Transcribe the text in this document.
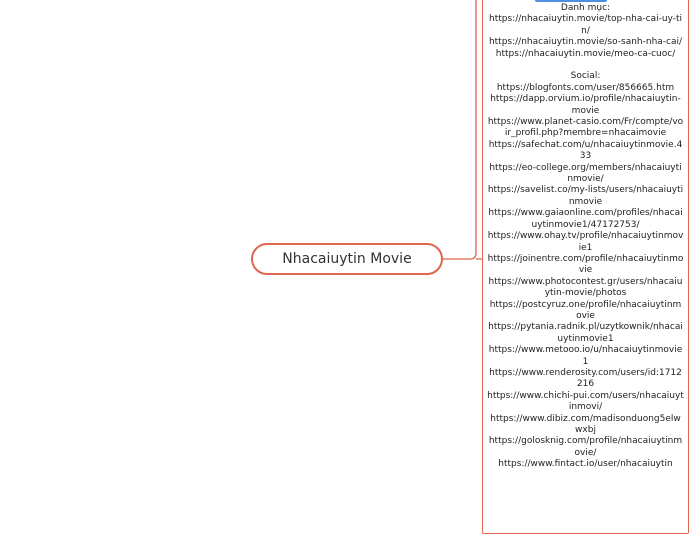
Nhacaiuytin Movie
Danh mục:
https://nhacaiuytin.movie/top-nha-cai-uy-tin/
https://nhacaiuytin.movie/so-sanh-nha-cai/
https://nhacaiuytin.movie/meo-ca-cuoc/
Social:
https://blogfonts.com/user/856665.htm
https://dapp.orvium.io/profile/nhacaiuytin-movie
https://www.planet-casio.com/Fr/compte/voir_profil.php?membre=nhacaimovie
https://safechat.com/u/nhacaiuytinmovie.433
https://eo-college.org/members/nhacaiuytinmovie/
https://savelist.co/my-lists/users/nhacaiuytinmovie
https://www.gaiaonline.com/profiles/nhacaiuytinmovie1/47172753/
https://www.ohay.tv/profile/nhacaiuytinmovie1
https://joinentre.com/profile/nhacaiuytinmovie
https://www.photocontest.gr/users/nhacaiuytin-movie/photos
https://postcyruz.one/profile/nhacaiuytinmovie
https://pytania.radnik.pl/uzytkownik/nhacaiuytinmovie1
https://www.metooo.io/u/nhacaiuytinmovie1
https://www.renderosity.com/users/id:1712216
https://www.chichi-pui.com/users/nhacaiuytinmovi/
https://www.dibiz.com/madisonduong5elwwxbj
https://golosknig.com/profile/nhacaiuytinmovie/
https://www.fintact.io/user/nhacaiuytin
